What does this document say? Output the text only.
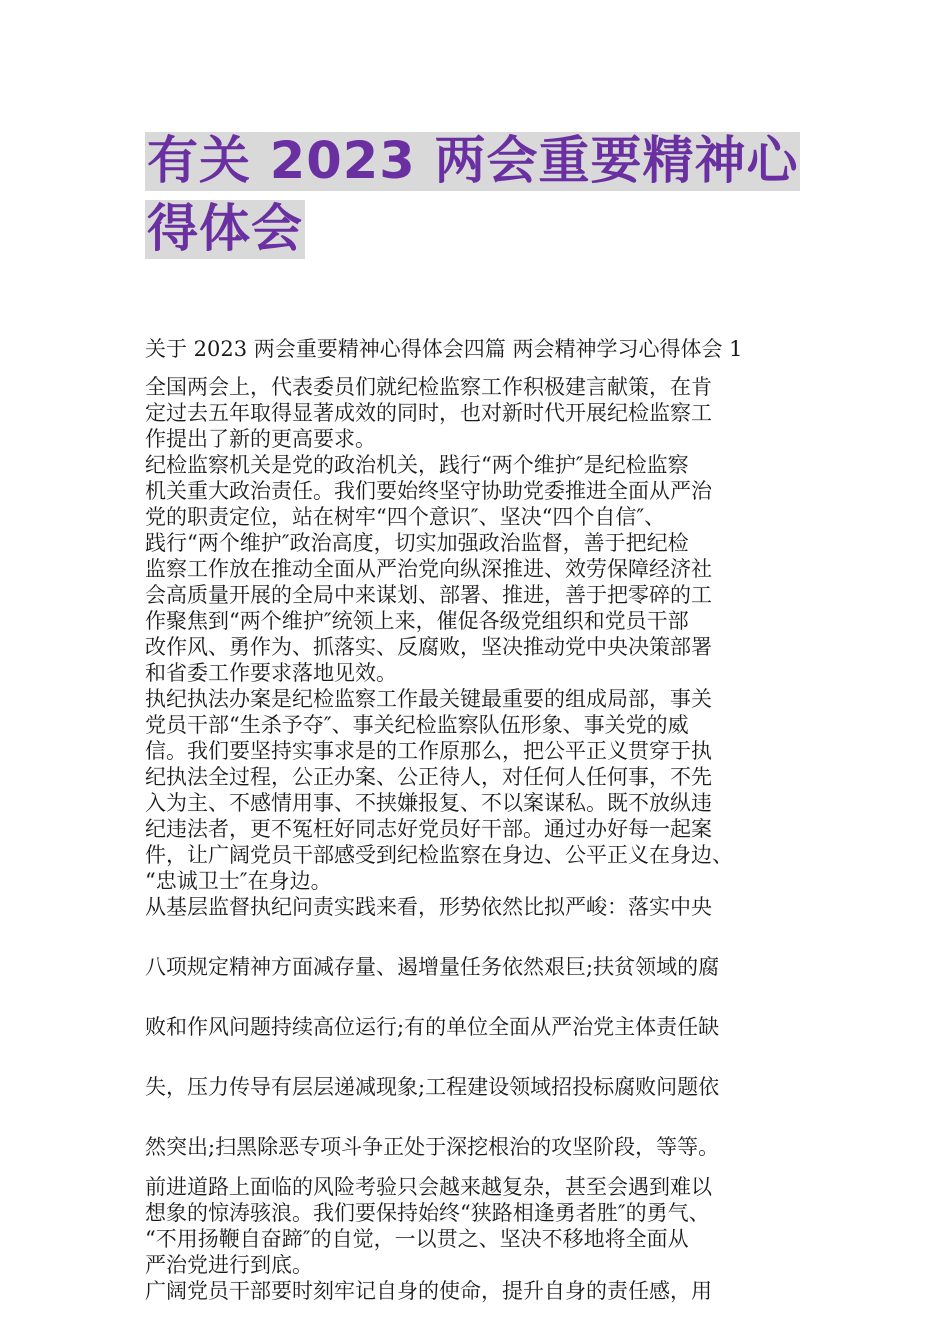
有关 2023 两会重要精神心
得体会
关于 2023 两会重要精神心得体会四篇 两会精神学习心得体会 1
全国两会上，代表委员们就纪检监察工作积极建言献策，在肯
定过去五年取得显著成效的同时，也对新时代开展纪检监察工
作提出了新的更高要求。
纪检监察机关是党的政治机关，践行“两个维护″是纪检监察
机关重大政治责任。我们要始终坚守协助党委推进全面从严治
党的职责定位，站在树牢“四个意识″、坚决“四个自信″、
践行“两个维护″政治高度，切实加强政治监督，善于把纪检
监察工作放在推动全面从严治党向纵深推进、效劳保障经济社
会高质量开展的全局中来谋划、部署、推进，善于把零碎的工
作聚焦到“两个维护″统领上来，催促各级党组织和党员干部
改作风、勇作为、抓落实、反腐败，坚决推动党中央决策部署
和省委工作要求落地见效。
执纪执法办案是纪检监察工作最关键最重要的组成局部，事关
党员干部“生杀予夺″、事关纪检监察队伍形象、事关党的威
信。我们要坚持实事求是的工作原那么，把公平正义贯穿于执
纪执法全过程，公正办案、公正待人，对任何人任何事，不先
入为主、不感情用事、不挟嫌报复、不以案谋私。既不放纵违
纪违法者，更不冤枉好同志好党员好干部。通过办好每一起案
件，让广阔党员干部感受到纪检监察在身边、公平正义在身边、
“忠诚卫士″在身边。
从基层监督执纪问责实践来看，形势依然比拟严峻：落实中央
八项规定精神方面减存量、遏增量任务依然艰巨;扶贫领域的腐
败和作风问题持续高位运行;有的单位全面从严治党主体责任缺
失，压力传导有层层递减现象;工程建设领域招投标腐败问题依
然突出;扫黑除恶专项斗争正处于深挖根治的攻坚阶段，等等。
前进道路上面临的风险考验只会越来越复杂，甚至会遇到难以
想象的惊涛骇浪。我们要保持始终“狭路相逢勇者胜″的勇气、
“不用扬鞭自奋蹄″的自觉，一以贯之、坚决不移地将全面从
严治党进行到底。
广阔党员干部要时刻牢记自身的使命，提升自身的责任感，用
